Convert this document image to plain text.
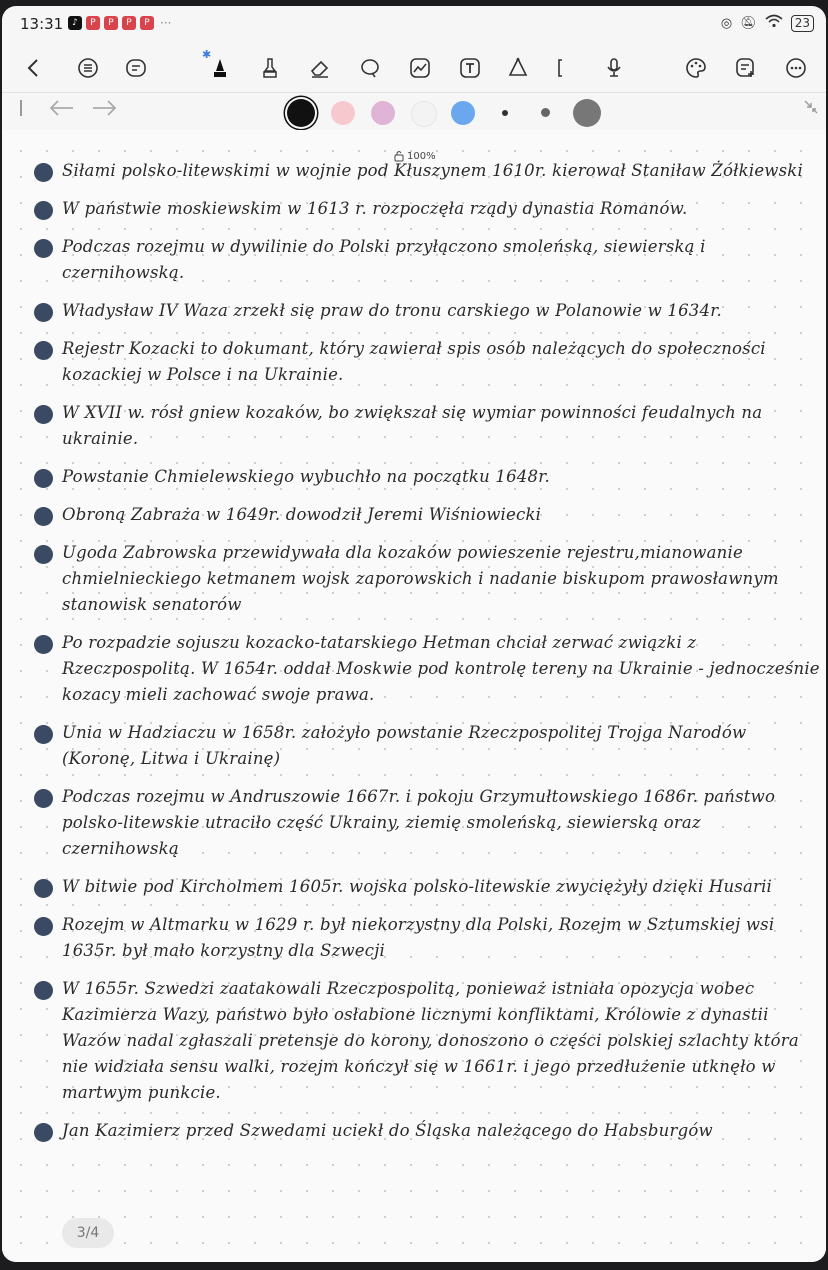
13:31 ♪	P	P	P	P ···	◎ 🔕︎	23
✱
100%
Siłami polsko-litewskimi w wojnie pod Kłuszynem 1610r. kierował Staniław Żółkiewski
W państwie moskiewskim w 1613 r. rozpoczęła rządy dynastia Romanów.
Podczas rozejmu w dywilinie do Polski przyłączono smoleńską, siewierską i czernihowską.
Władysław IV Waza zrzekł się praw do tronu carskiego w Polanowie w 1634r.
Rejestr Kozacki to dokumant, który zawierał spis osób należących do społeczności kozackiej w Polsce i na Ukrainie.
W XVII w. rósł gniew kozaków, bo zwiększał się wymiar powinności feudalnych na ukrainie.
Powstanie Chmielewskiego wybuchło na początku 1648r.
Obroną Zabraża w 1649r. dowodził Jeremi Wiśniowiecki
Ugoda Zabrowska przewidywała dla kozaków powieszenie rejestru,mianowanie chmielnieckiego ketmanem wojsk zaporowskich i nadanie biskupom prawosławnym stanowisk senatorów
Po rozpadzie sojuszu kozacko-tatarskiego Hetman chciał zerwać związki z Rzeczpospolitą. W 1654r. oddał Moskwie pod kontrolę tereny na Ukrainie - jednocześnie kozacy mieli zachować swoje prawa.
Unia w Hadziaczu w 1658r. założyło powstanie Rzeczpospolitej Trojga Narodów (Koronę, Litwa i Ukrainę)
Podczas rozejmu w Andruszowie 1667r. i pokoju Grzymułtowskiego 1686r. państwo polsko-litewskie utraciło część Ukrainy, ziemię smoleńską, siewierską oraz czernihowską
W bitwie pod Kircholmem 1605r. wojska polsko-litewskie zwyciężyły dzięki Husarii
Rozejm w Altmarku w 1629 r. był niekorzystny dla Polski, Rozejm w Sztumskiej wsi 1635r. był mało korzystny dla Szwecji
W 1655r. Szwedzi zaatakowali Rzeczpospolitą, ponieważ istniała opozycja wobec Kazimierza Wazy, państwo było osłabione licznymi konfliktami, Królowie z dynastii Wazów nadal zgłaszali pretensje do korony, donoszono o części polskiej szlachty która nie widziała sensu walki, rozejm kończył się w 1661r. i jego przedłużenie utknęło w martwym punkcie.
Jan Kazimierz przed Szwedami uciekł do Śląska należącego do Habsburgów
3/4
